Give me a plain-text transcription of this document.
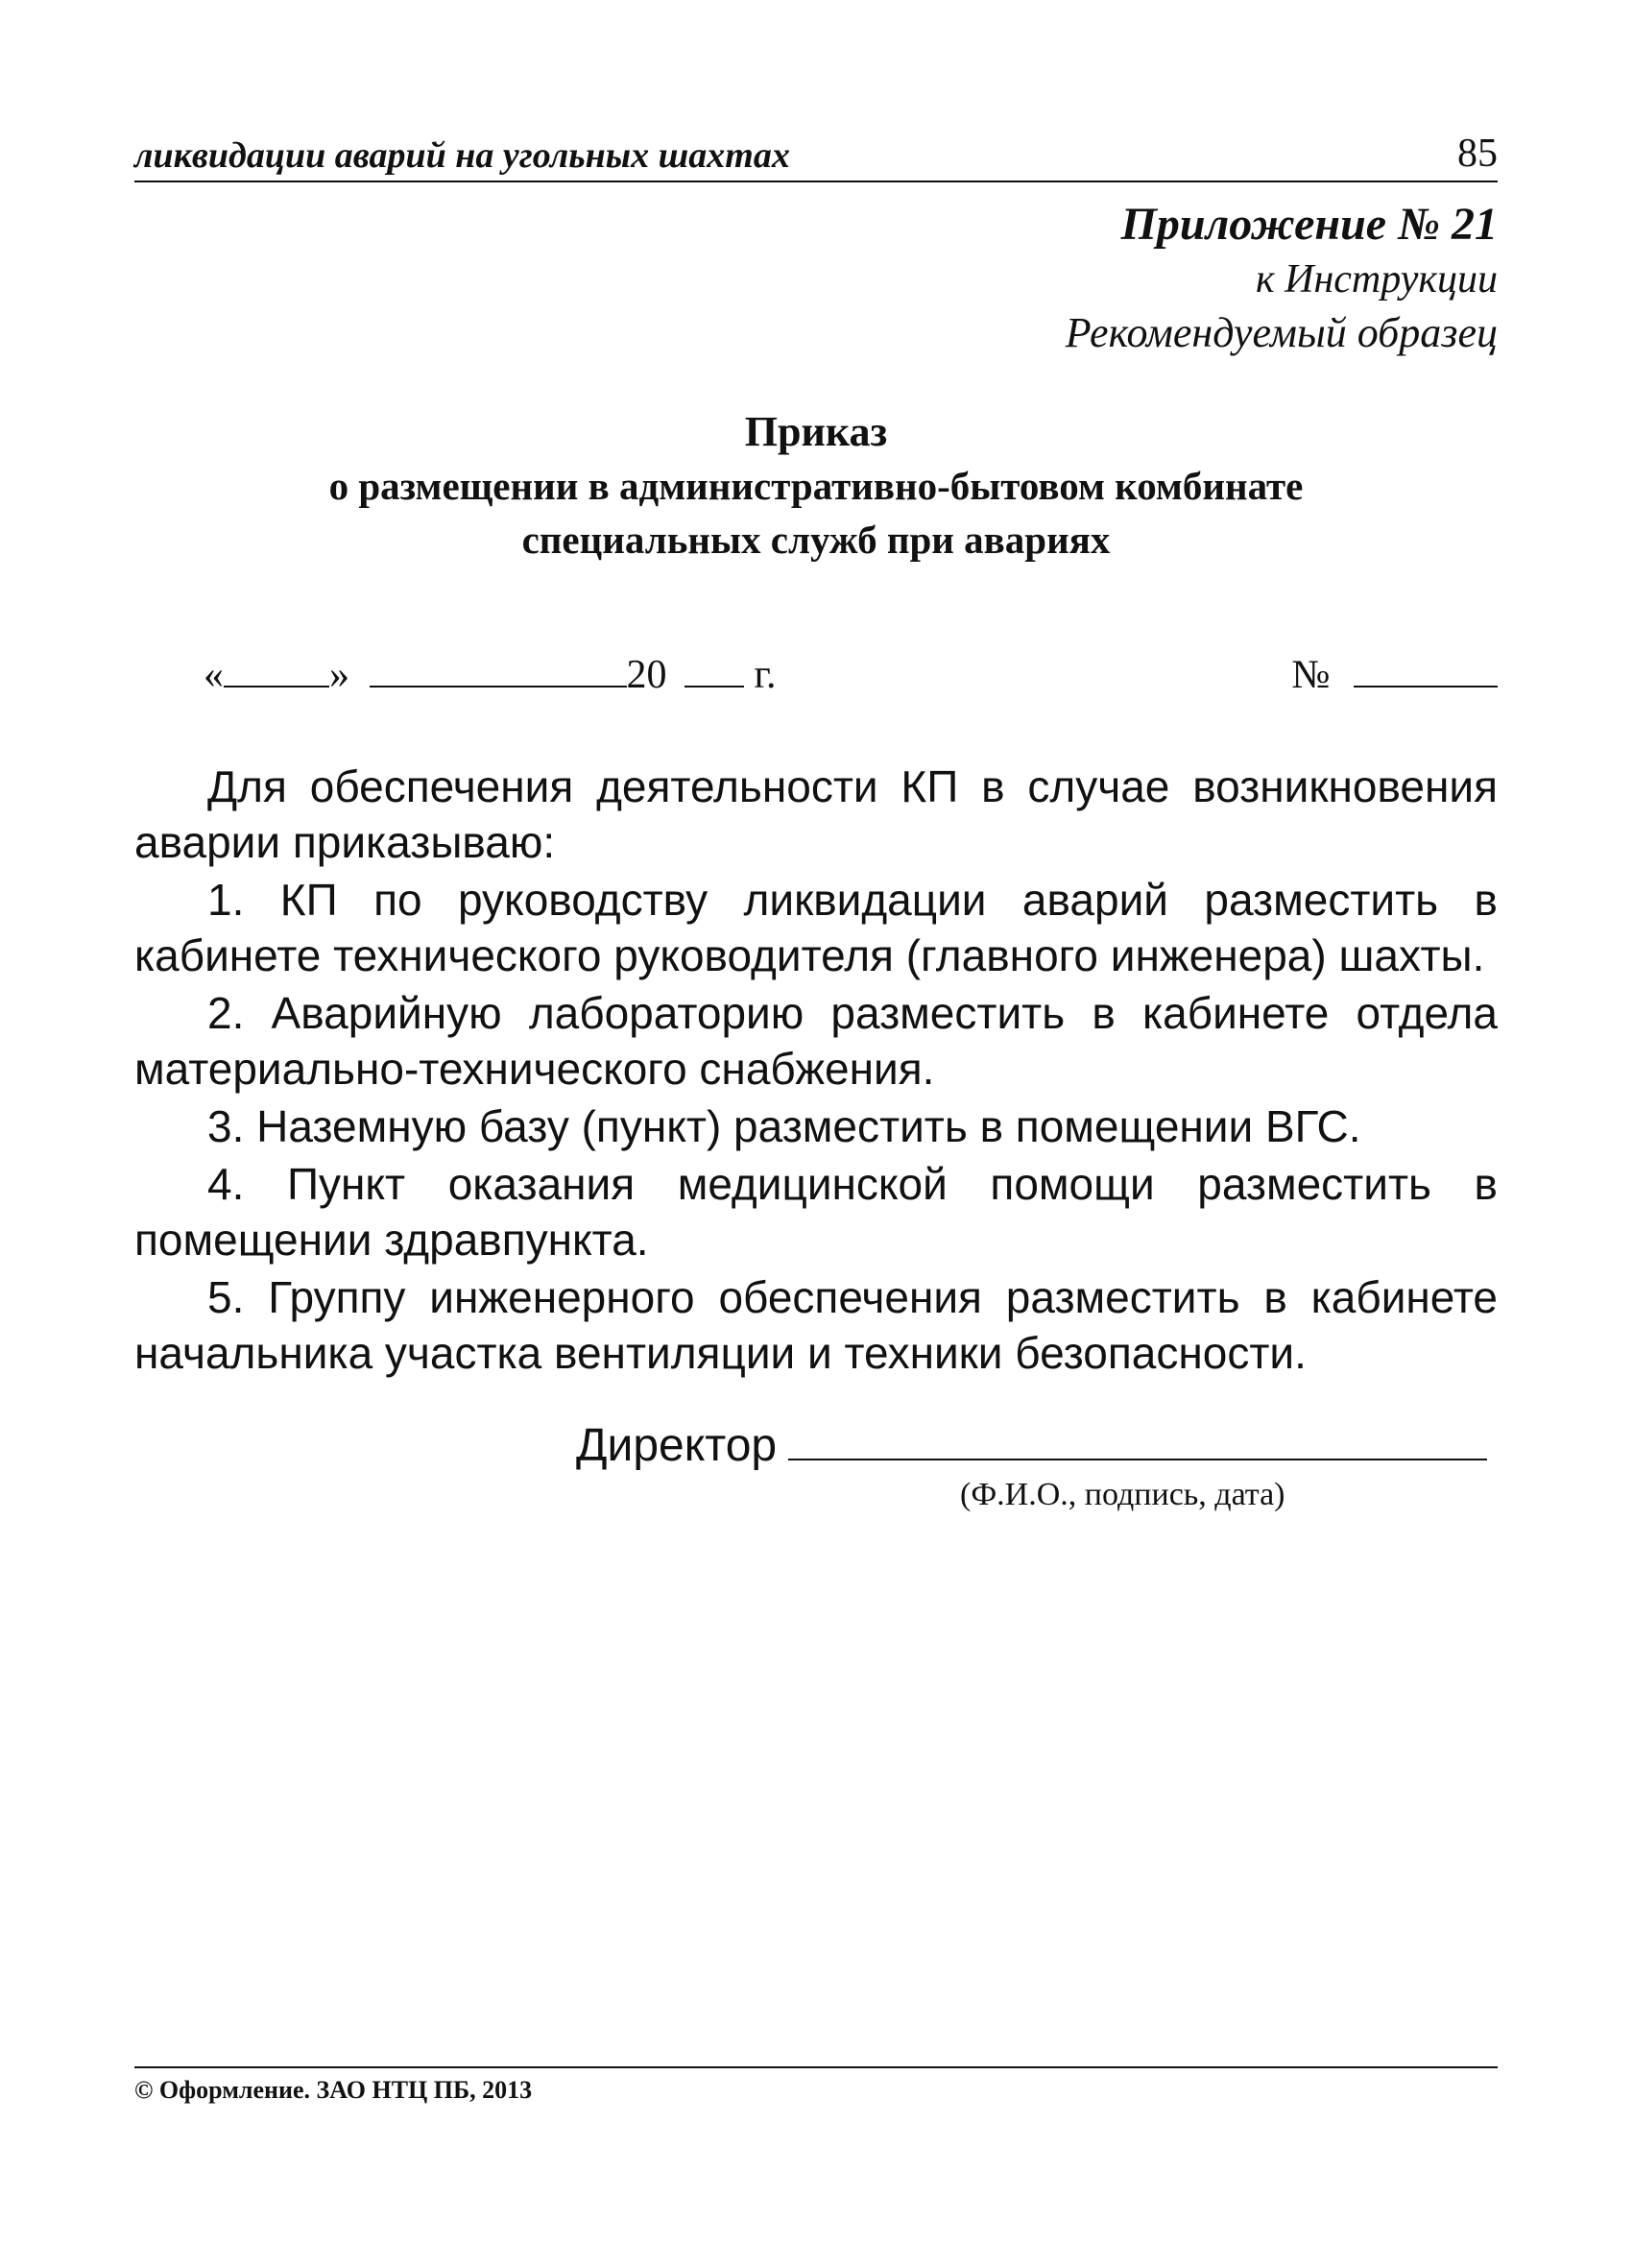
ликвидации аварий на угольных шахтах	85
Приложение № 21
к Инструкции
Рекомендуемый образец
Приказ
о размещении в административно-бытовом комбинате
специальных служб при авариях
«	»	20 г.	№

Для обеспечения деятельности КП в случае возникновения аварии приказываю:

1. КП по руководству ликвидации аварий разместить в кабинете технического руководителя (главного инженера) шахты.

2. Аварийную лабораторию разместить в кабинете отдела материально-технического снабжения.

3. Наземную базу (пункт) разместить в помещении ВГС.

4. Пункт оказания медицинской помощи разместить в помещении здравпункта.

5. Группу инженерного обеспечения разместить в кабинете начальника участка вентиляции и техники безопасности.

Директор
(Ф.И.О., подпись, дата)
© Оформление. ЗАО НТЦ ПБ, 2013
